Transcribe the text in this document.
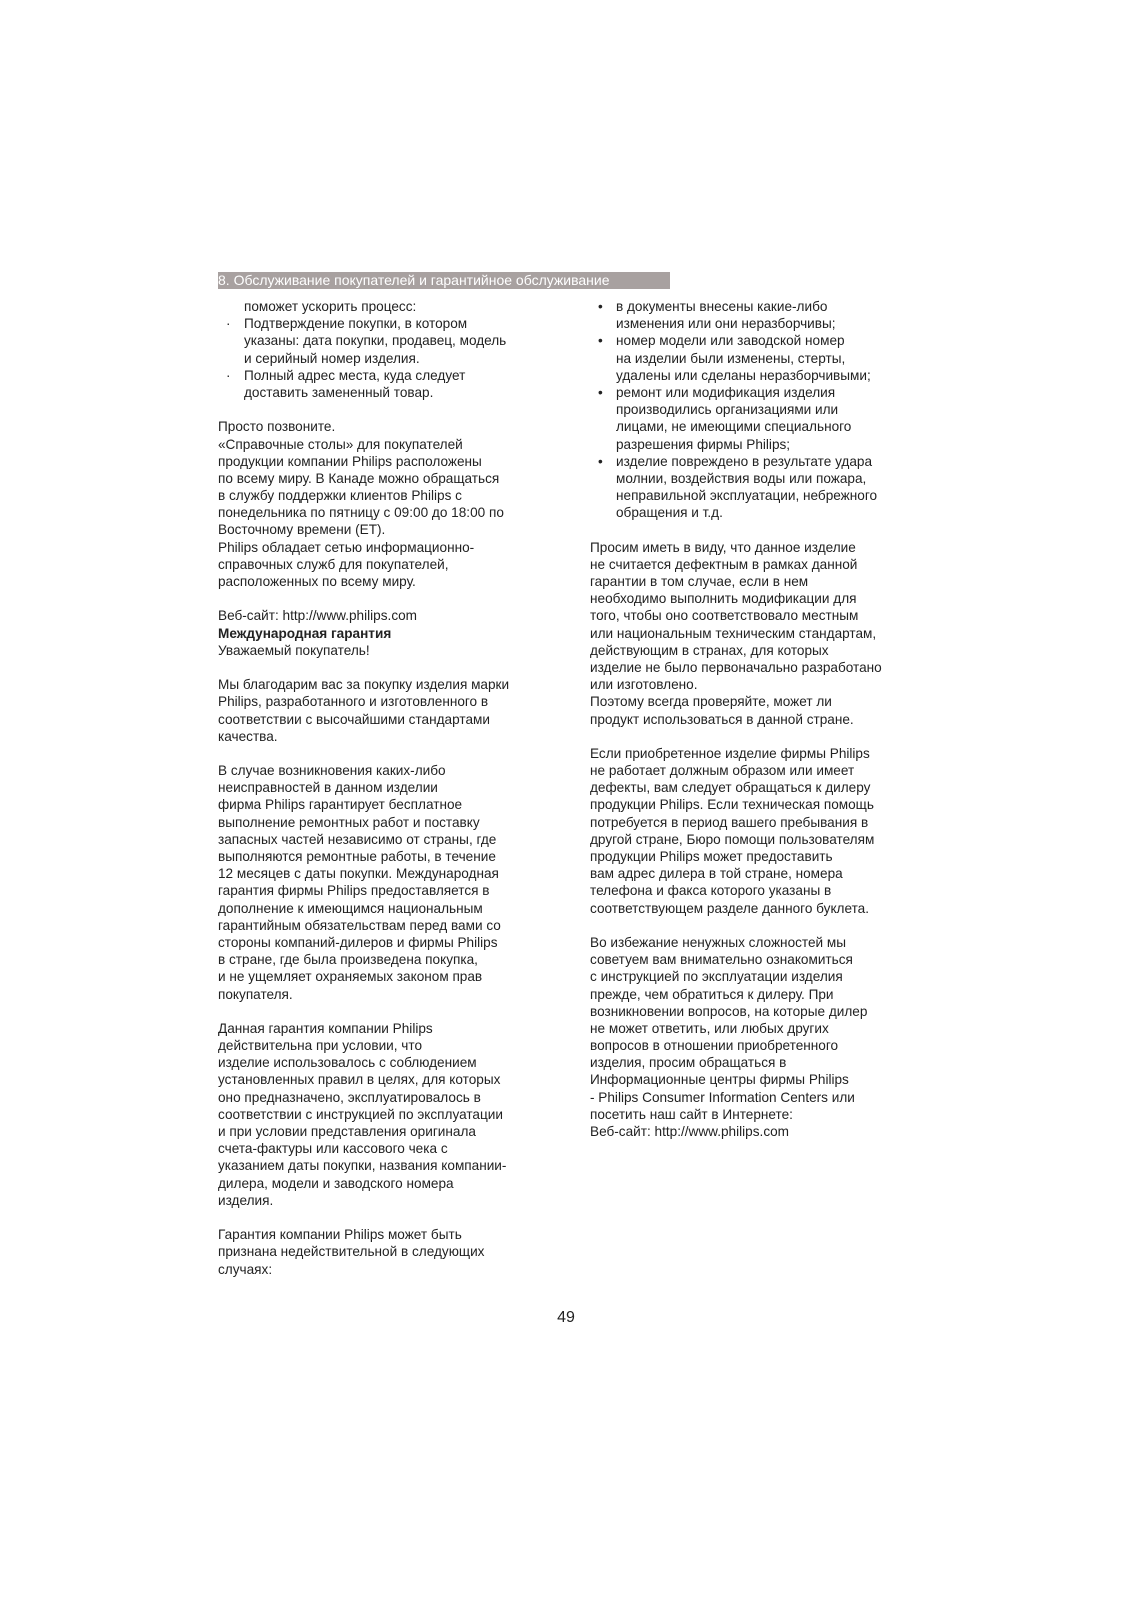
8. Обслуживание покупателей и гарантийное обслуживание
поможет ускорить процесс:
· Подтверждение покупки, в котором
указаны: дата покупки, продавец, модель
и серийный номер изделия.
· Полный адрес места, куда следует
доставить замененный товар.
Просто позвоните.
«Справочные столы» для покупателей
продукции компании Philips расположены
по всему миру. В Канаде можно обращаться
в службу поддержки клиентов Philips с
понедельника по пятницу с 09:00 до 18:00 по
Восточному времени (ET).
Philips обладает сетью информационно-
справочных служб для покупателей,
расположенных по всему миру.
Веб-сайт: http://www.philips.com
Международная гарантия
Уважаемый покупатель!
Мы благодарим вас за покупку изделия марки
Philips, разработанного и изготовленного в
соответствии с высочайшими стандартами
качества.
В случае возникновения каких-либо
неисправностей в данном изделии
фирма Philips гарантирует бесплатное
выполнение ремонтных работ и поставку
запасных частей независимо от страны, где
выполняются ремонтные работы, в течение
12 месяцев с даты покупки. Международная
гарантия фирмы Philips предоставляется в
дополнение к имеющимся национальным
гарантийным обязательствам перед вами со
стороны компаний-дилеров и фирмы Philips
в стране, где была произведена покупка,
и не ущемляет охраняемых законом прав
покупателя.
Данная гарантия компании Philips
действительна при условии, что
изделие использовалось с соблюдением
установленных правил в целях, для которых
оно предназначено, эксплуатировалось в
соответствии с инструкцией по эксплуатации
и при условии представления оригинала
счета-фактуры или кассового чека с
указанием даты покупки, названия компании-
дилера, модели и заводского номера
изделия.
Гарантия компании Philips может быть
признана недействительной в следующих
случаях:
• в документы внесены какие-либо
изменения или они неразборчивы;
• номер модели или заводской номер
на изделии были изменены, стерты,
удалены или сделаны неразборчивыми;
• ремонт или модификация изделия
производились организациями или
лицами, не имеющими специального
разрешения фирмы Philips;
• изделие повреждено в результате удара
молнии, воздействия воды или пожара,
неправильной эксплуатации, небрежного
обращения и т.д.
Просим иметь в виду, что данное изделие
не считается дефектным в рамках данной
гарантии в том случае, если в нем
необходимо выполнить модификации для
того, чтобы оно соответствовало местным
или национальным техническим стандартам,
действующим в странах, для которых
изделие не было первоначально разработано
или изготовлено.
Поэтому всегда проверяйте, может ли
продукт использоваться в данной стране.
Если приобретенное изделие фирмы Philips
не работает должным образом или имеет
дефекты, вам следует обращаться к дилеру
продукции Philips. Если техническая помощь
потребуется в период вашего пребывания в
другой стране, Бюро помощи пользователям
продукции Philips может предоставить
вам адрес дилера в той стране, номера
телефона и факса которого указаны в
соответствующем разделе данного буклета.
Во избежание ненужных сложностей мы
советуем вам внимательно ознакомиться
с инструкцией по эксплуатации изделия
прежде, чем обратиться к дилеру. При
возникновении вопросов, на которые дилер
не может ответить, или любых других
вопросов в отношении приобретенного
изделия, просим обращаться в
Информационные центры фирмы Philips
- Philips Consumer Information Centers или
посетить наш сайт в Интернете:
Веб-сайт: http://www.philips.com
49
